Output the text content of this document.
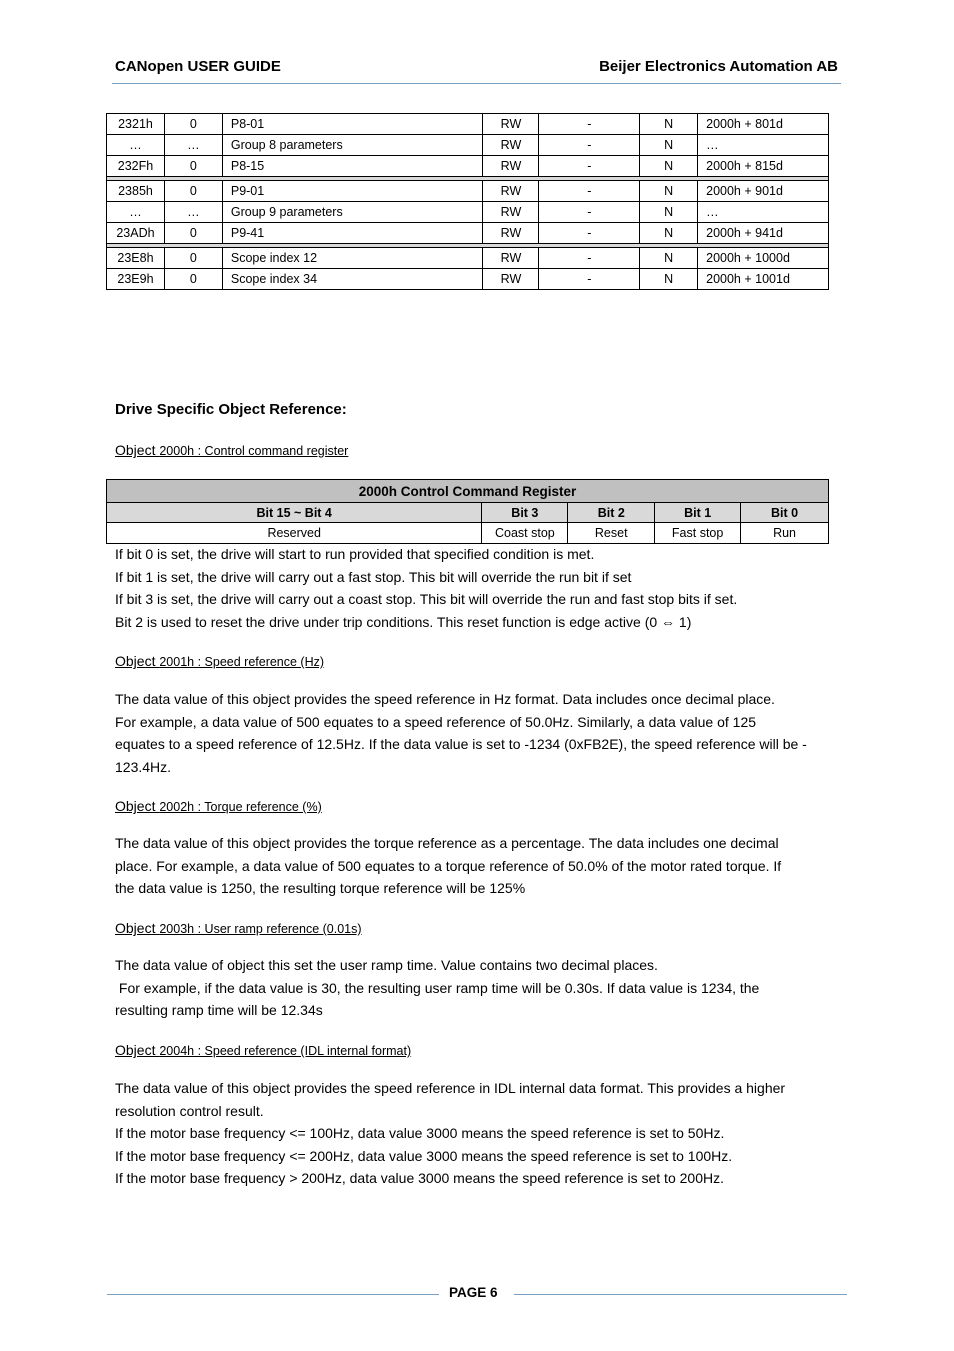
CANopen USER GUIDE	Beijer Electronics Automation AB
2321h	0	P8-01	RW	-	N	2000h + 801d
…	…	Group 8 parameters	RW	-	N	…
232Fh	0	P8-15	RW	-	N	2000h + 815d

2385h	0	P9-01	RW	-	N	2000h + 901d
…	…	Group 9 parameters	RW	-	N	…
23ADh	0	P9-41	RW	-	N	2000h + 941d

23E8h	0	Scope index 12	RW	-	N	2000h + 1000d
23E9h	0	Scope index 34	RW	-	N	2000h + 1001d
Drive Specific Object Reference:
Object 2000h : Control command register
2000h Control Command Register				
Bit 15 ~ Bit 4	Bit 3	Bit 2	Bit 1	Bit 0
Reserved	Coast stop	Reset	Fast stop	Run
If bit 0 is set, the drive will start to run provided that specified condition is met.
If bit 1 is set, the drive will carry out a fast stop. This bit will override the run bit if set
If bit 3 is set, the drive will carry out a coast stop. This bit will override the run and fast stop bits if set.
Bit 2 is used to reset the drive under trip conditions. This reset function is edge active (0 ⇔ 1)
Object 2001h : Speed reference (Hz)
The data value of this object provides the speed reference in Hz format. Data includes once decimal place.
For example, a data value of 500 equates to a speed reference of 50.0Hz. Similarly, a data value of 125
equates to a speed reference of 12.5Hz. If the data value is set to -1234 (0xFB2E), the speed reference will be -
123.4Hz.
Object 2002h : Torque reference (%)
The data value of this object provides the torque reference as a percentage. The data includes one decimal
place. For example, a data value of 500 equates to a torque reference of 50.0% of the motor rated torque. If
the data value is 1250, the resulting torque reference will be 125%
Object 2003h : User ramp reference (0.01s)
The data value of object this set the user ramp time. Value contains two decimal places.
For example, if the data value is 30, the resulting user ramp time will be 0.30s. If data value is 1234, the
resulting ramp time will be 12.34s
Object 2004h : Speed reference (IDL internal format)
The data value of this object provides the speed reference in IDL internal data format. This provides a higher
resolution control result.
If the motor base frequency <= 100Hz, data value 3000 means the speed reference is set to 50Hz.
If the motor base frequency <= 200Hz, data value 3000 means the speed reference is set to 100Hz.
If the motor base frequency > 200Hz, data value 3000 means the speed reference is set to 200Hz.
PAGE 6
